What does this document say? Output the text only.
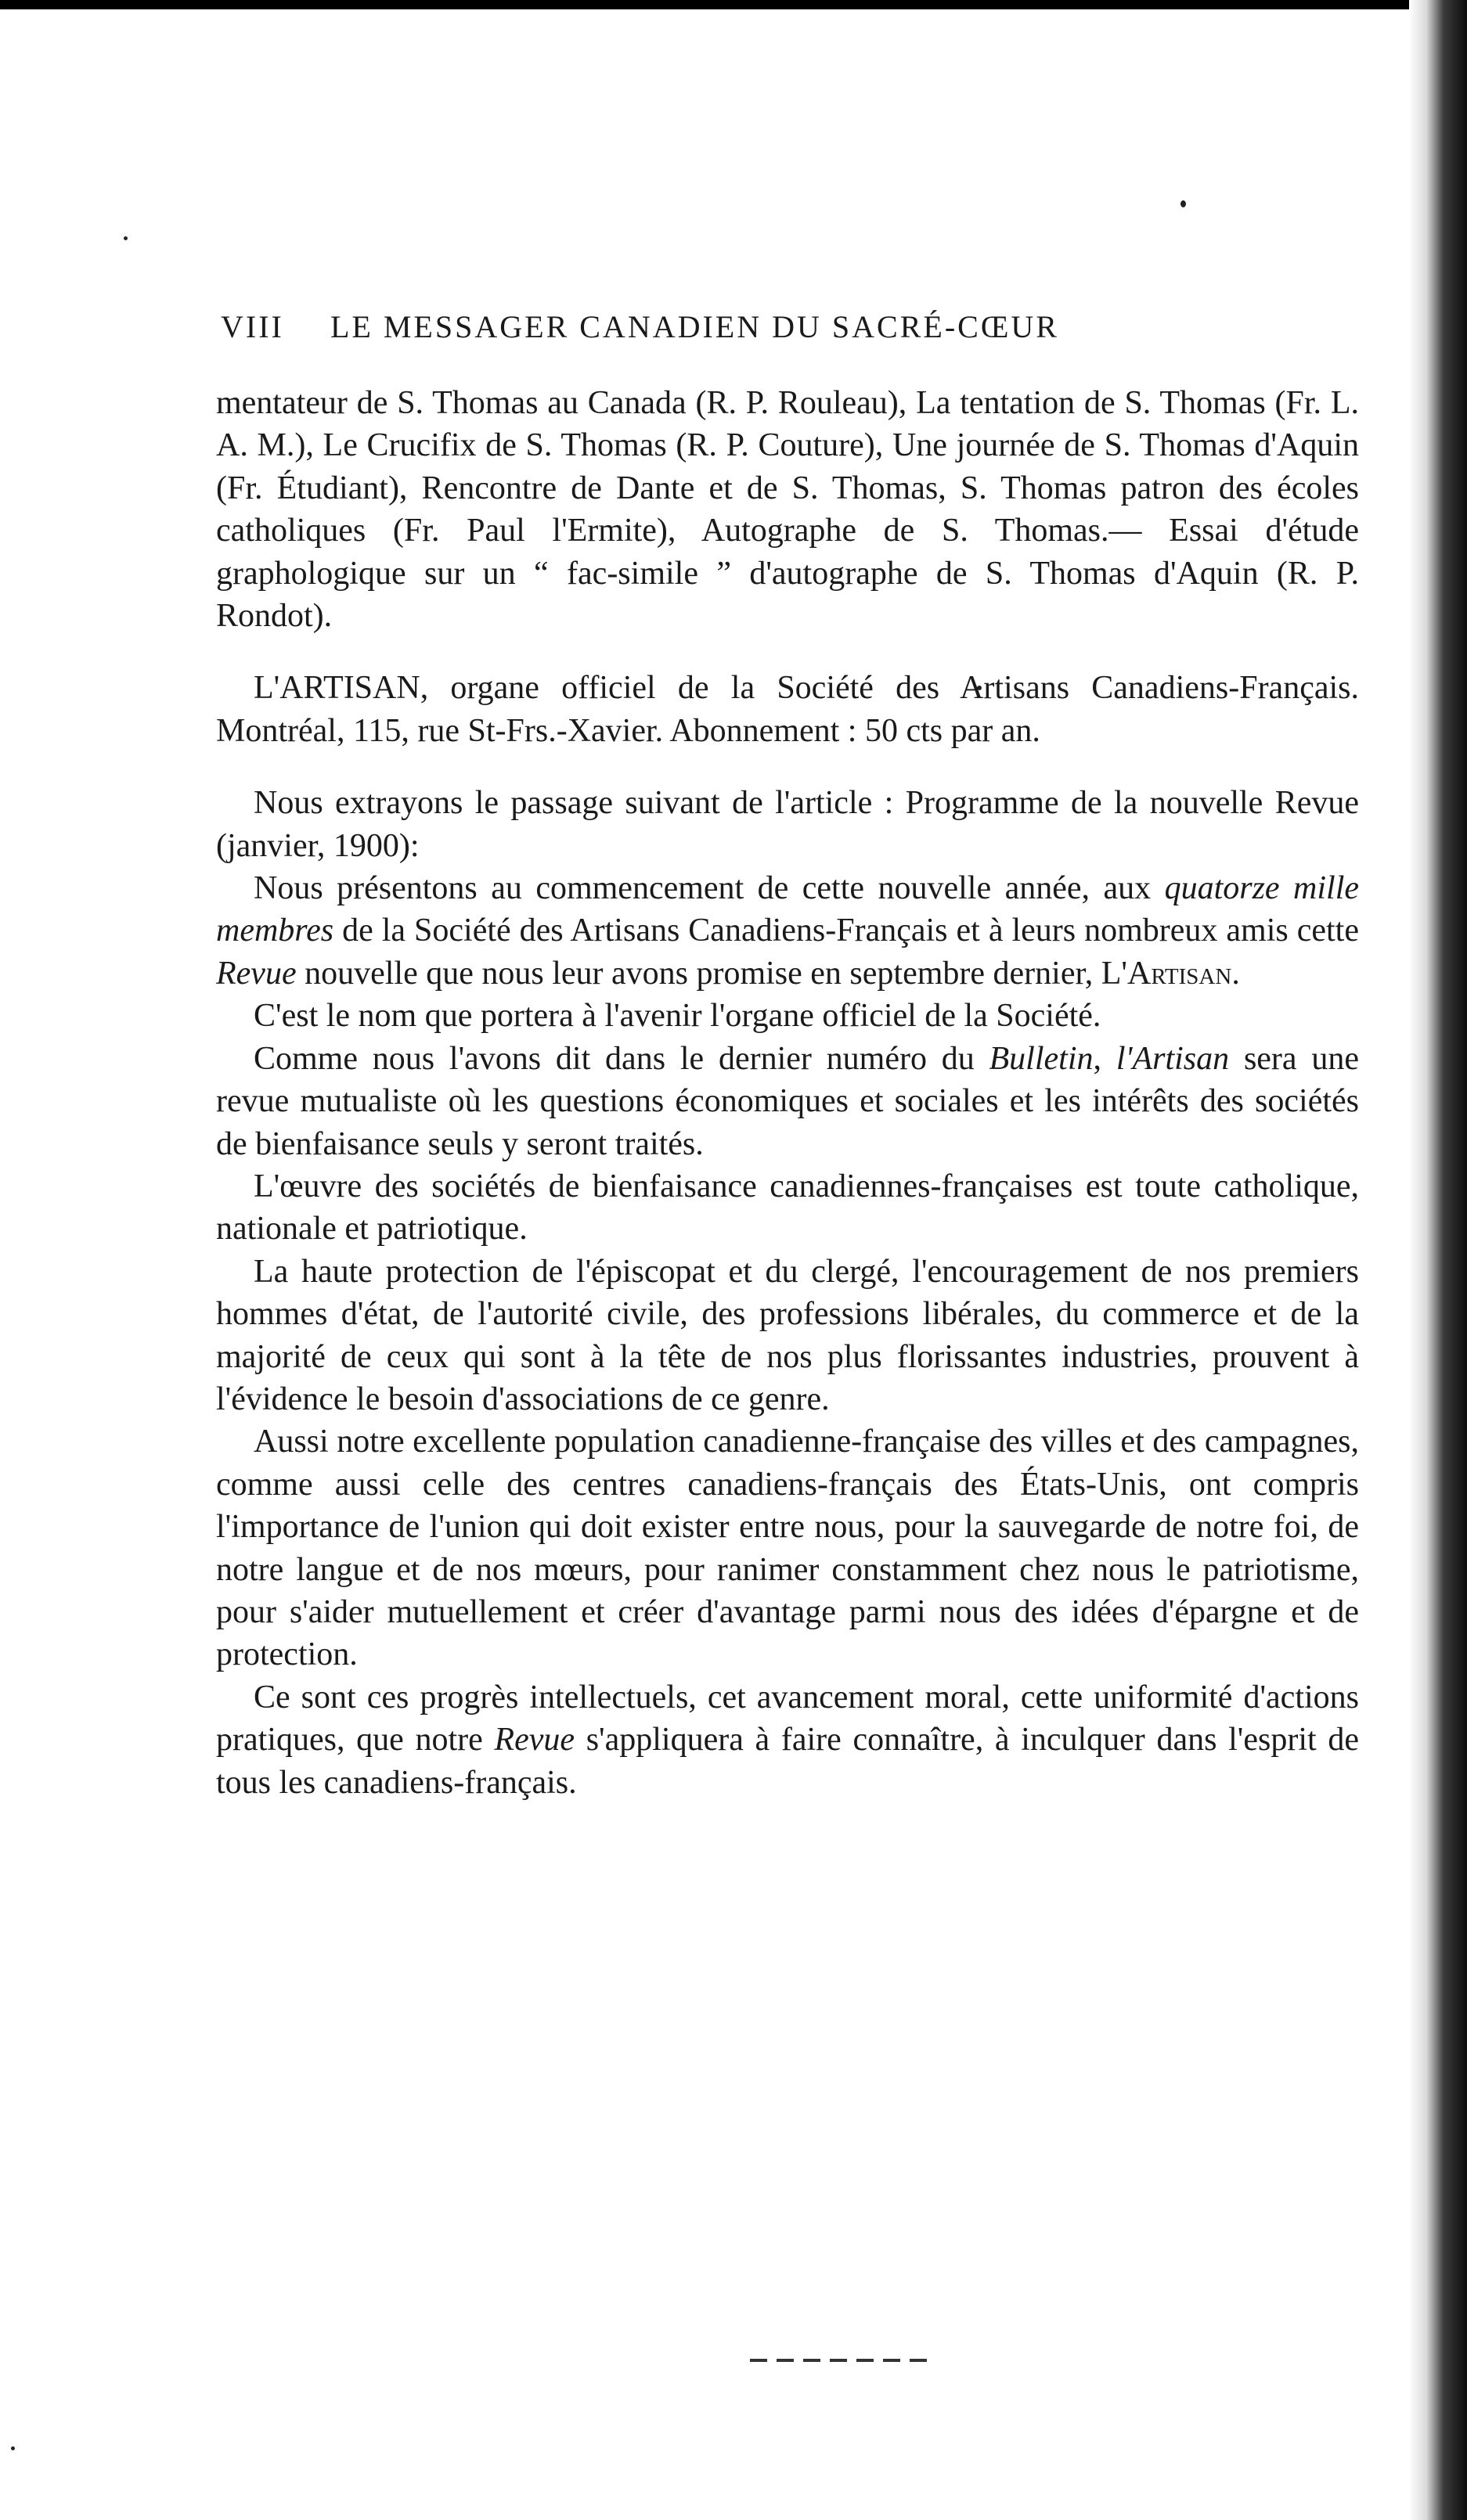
VIII LE MESSAGER CANADIEN DU SACRÉ-CŒUR

mentateur de S. Thomas au Canada (R. P. Rouleau), La tentation de S. Thomas (Fr. L. A. M.), Le Crucifix de S. Thomas (R. P. Couture), Une journée de S. Thomas d'Aquin (Fr. Étudiant), Rencontre de Dante et de S. Thomas, S. Thomas patron des écoles catholiques (Fr. Paul l'Ermite), Autographe de S. Thomas.— Essai d'étude graphologique sur un “ fac-simile ” d'autographe de S. Thomas d'Aquin (R. P. Rondot).

L'ARTISAN, organe officiel de la Société des Artisans Canadiens-Français. Montréal, 115, rue St-Frs.-Xavier. Abonnement : 50 cts par an.

Nous extrayons le passage suivant de l'article : Programme de la nouvelle Revue (janvier, 1900):

Nous présentons au commencement de cette nouvelle année, aux quatorze mille membres de la Société des Artisans Canadiens-Français et à leurs nombreux amis cette Revue nouvelle que nous leur avons promise en septembre dernier, L'Artisan.

C'est le nom que portera à l'avenir l'organe officiel de la Société.

Comme nous l'avons dit dans le dernier numéro du Bulletin, l'Artisan sera une revue mutualiste où les questions économiques et sociales et les intérêts des sociétés de bienfaisance seuls y seront traités.

L'œuvre des sociétés de bienfaisance canadiennes-françaises est toute catholique, nationale et patriotique.

La haute protection de l'épiscopat et du clergé, l'encouragement de nos premiers hommes d'état, de l'autorité civile, des professions libérales, du commerce et de la majorité de ceux qui sont à la tête de nos plus florissantes industries, prouvent à l'évidence le besoin d'associations de ce genre.

Aussi notre excellente population canadienne-française des villes et des campagnes, comme aussi celle des centres canadiens-français des États-Unis, ont compris l'importance de l'union qui doit exister entre nous, pour la sauvegarde de notre foi, de notre langue et de nos mœurs, pour ranimer constamment chez nous le patriotisme, pour s'aider mutuellement et créer d'avantage parmi nous des idées d'épargne et de protection.

Ce sont ces progrès intellectuels, cet avancement moral, cette uniformité d'actions pratiques, que notre Revue s'appliquera à faire connaître, à inculquer dans l'esprit de tous les canadiens-français.
